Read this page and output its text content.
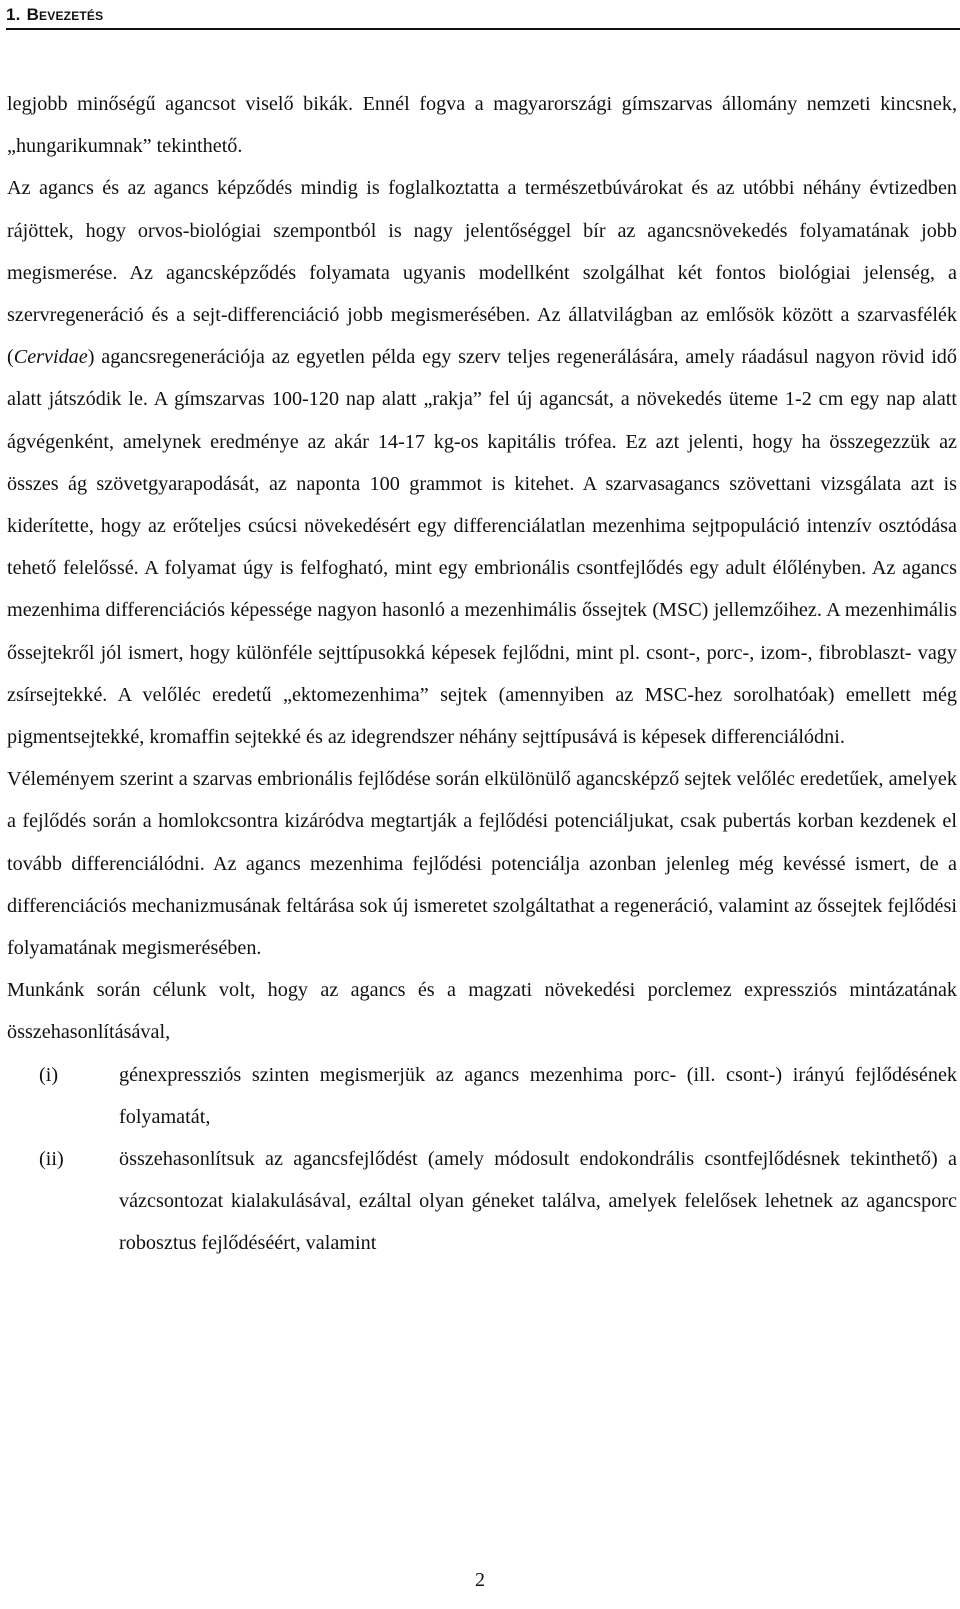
1. Bevezetés

legjobb minőségű agancsot viselő bikák. Ennél fogva a magyarországi gímszarvas állomány nemzeti kincsnek, „hungarikumnak” tekinthető.

Az agancs és az agancs képződés mindig is foglalkoztatta a természetbúvárokat és az utóbbi néhány évtizedben rájöttek, hogy orvos-biológiai szempontból is nagy jelentőséggel bír az agancsnövekedés folyamatának jobb megismerése. Az agancsképződés folyamata ugyanis modellként szolgálhat két fontos biológiai jelenség, a szervregeneráció és a sejt-differenciáció jobb megismerésében. Az állatvilágban az emlősök között a szarvasfélék (Cervidae) agancsregenerációja az egyetlen példa egy szerv teljes regenerálására, amely ráadásul nagyon rövid idő alatt játszódik le. A gímszarvas 100-120 nap alatt „rakja” fel új agancsát, a növekedés üteme 1-2 cm egy nap alatt ágvégenként, amelynek eredménye az akár 14-17 kg-os kapitális trófea. Ez azt jelenti, hogy ha összegezzük az összes ág szövetgyarapodását, az naponta 100 grammot is kitehet. A szarvasagancs szövettani vizsgálata azt is kiderítette, hogy az erőteljes csúcsi növekedésért egy differenciálatlan mezenhima sejtpopuláció intenzív osztódása tehető felelőssé. A folyamat úgy is felfogható, mint egy embrionális csontfejlődés egy adult élőlényben. Az agancs mezenhima differenciációs képessége nagyon hasonló a mezenhimális őssejtek (MSC) jellemzőihez. A mezenhimális őssejtekről jól ismert, hogy különféle sejttípusokká képesek fejlődni, mint pl. csont-, porc-, izom-, fibroblaszt- vagy zsírsejtekké. A velőléc eredetű „ektomezenhima” sejtek (amennyiben az MSC-hez sorolhatóak) emellett még pigmentsejtekké, kromaffin sejtekké és az idegrendszer néhány sejttípusává is képesek differenciálódni.

Véleményem szerint a szarvas embrionális fejlődése során elkülönülő agancsképző sejtek velőléc eredetűek, amelyek a fejlődés során a homlokcsontra kizáródva megtartják a fejlődési potenciáljukat, csak pubertás korban kezdenek el tovább differenciálódni. Az agancs mezenhima fejlődési potenciálja azonban jelenleg még kevéssé ismert, de a differenciációs mechanizmusának feltárása sok új ismeretet szolgáltathat a regeneráció, valamint az őssejtek fejlődési folyamatának megismerésében.

Munkánk során célunk volt, hogy az agancs és a magzati növekedési porclemez expressziós mintázatának összehasonlításával,

(i)	génexpressziós szinten megismerjük az agancs mezenhima porc- (ill. csont-) irányú fejlődésének folyamatát,
(ii)	összehasonlítsuk az agancsfejlődést (amely módosult endokondrális csontfejlődésnek tekinthető) a vázcsontozat kialakulásával, ezáltal olyan géneket találva, amelyek felelősek lehetnek az agancsporc robosztus fejlődéséért, valamint
2
